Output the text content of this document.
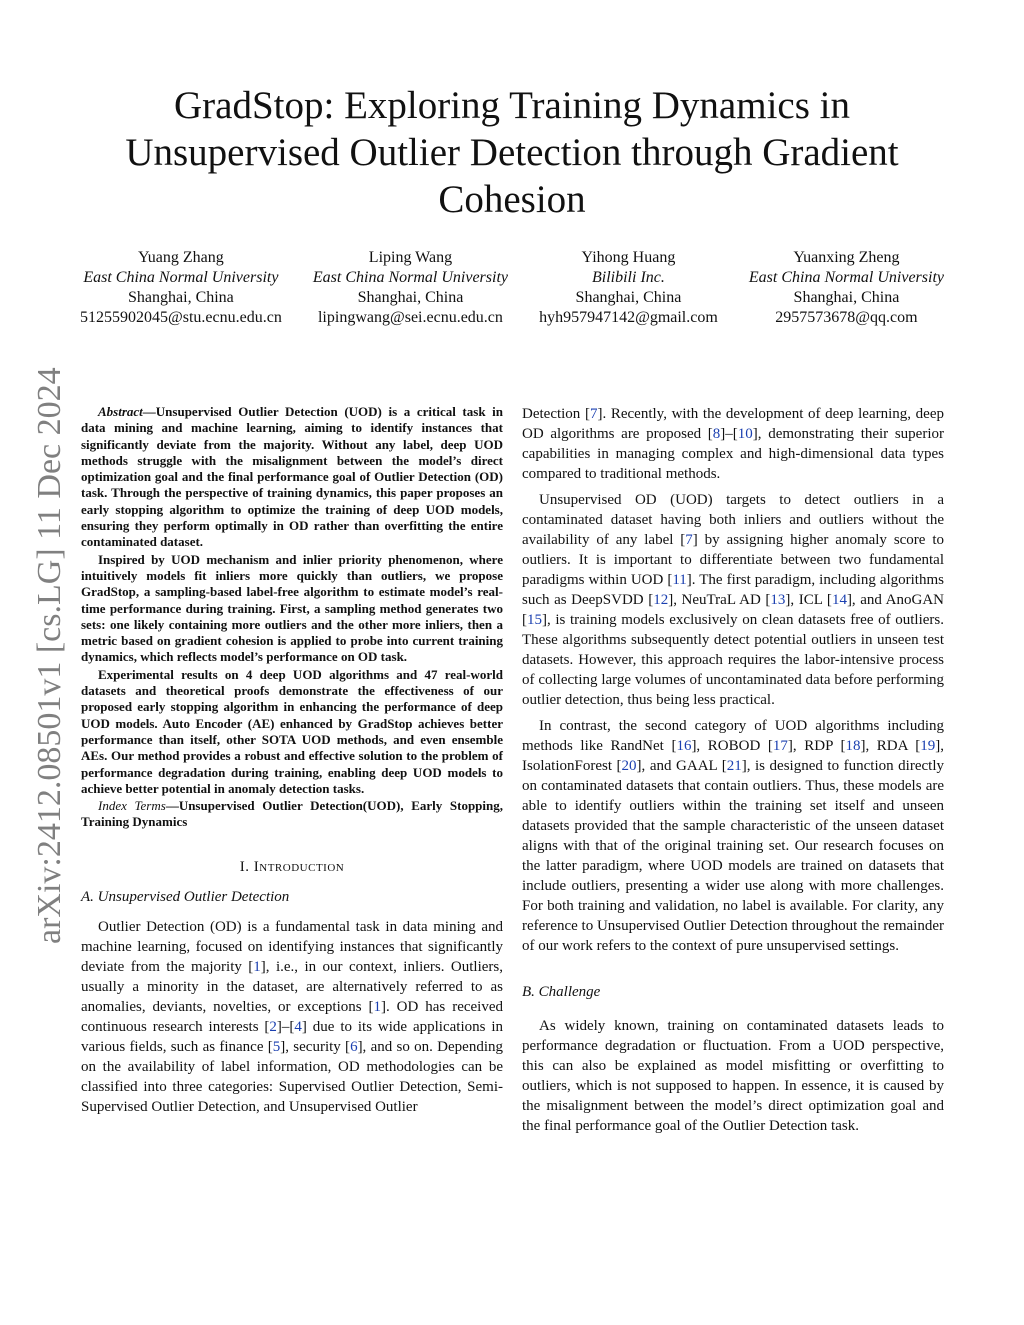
GradStop: Exploring Training Dynamics in Unsupervised Outlier Detection through Gradient Cohesion
Yuang Zhang
East China Normal University
Shanghai, China
51255902045@stu.ecnu.edu.cn
Liping Wang
East China Normal University
Shanghai, China
lipingwang@sei.ecnu.edu.cn
Yihong Huang
Bilibili Inc.
Shanghai, China
hyh957947142@gmail.com
Yuanxing Zheng
East China Normal University
Shanghai, China
2957573678@qq.com
arXiv:2412.08501v1 [cs.LG] 11 Dec 2024	Abstract—Unsupervised Outlier Detection (UOD) is a critical task in data mining and machine learning, aiming to identify instances that significantly deviate from the majority. Without any label, deep UOD methods struggle with the misalignment between the model’s direct optimization goal and the final performance goal of Outlier Detection (OD) task. Through the perspective of training dynamics, this paper proposes an early stopping algorithm to optimize the training of deep UOD models, ensuring they perform optimally in OD rather than overfitting the entire contaminated dataset.

Inspired by UOD mechanism and inlier priority phenomenon, where intuitively models fit inliers more quickly than outliers, we propose GradStop, a sampling-based label-free algorithm to estimate model’s real-time performance during training. First, a sampling method generates two sets: one likely containing more outliers and the other more inliers, then a metric based on gradient cohesion is applied to probe into current training dynamics, which reflects model’s performance on OD task.

Experimental results on 4 deep UOD algorithms and 47 real-world datasets and theoretical proofs demonstrate the effectiveness of our proposed early stopping algorithm in enhancing the performance of deep UOD models. Auto Encoder (AE) enhanced by GradStop achieves better performance than itself, other SOTA UOD methods, and even ensemble AEs. Our method provides a robust and effective solution to the problem of performance degradation during training, enabling deep UOD models to achieve better potential in anomaly detection tasks.

Index Terms—Unsupervised Outlier Detection(UOD), Early Stopping, Training Dynamics

I. Introduction
A. Unsupervised Outlier Detection

Outlier Detection (OD) is a fundamental task in data mining and machine learning, focused on identifying instances that significantly deviate from the majority [1], i.e., in our context, inliers. Outliers, usually a minority in the dataset, are alternatively referred to as anomalies, deviants, novelties, or exceptions [1]. OD has received continuous research interests [2]–[4] due to its wide applications in various fields, such as finance [5], security [6], and so on. Depending on the availability of label information, OD methodologies can be classified into three categories: Supervised Outlier Detection, Semi-Supervised Outlier Detection, and Unsupervised Outlier

Detection [7]. Recently, with the development of deep learning, deep OD algorithms are proposed [8]–[10], demonstrating their superior capabilities in managing complex and high-dimensional data types compared to traditional methods.

Unsupervised OD (UOD) targets to detect outliers in a contaminated dataset having both inliers and outliers without the availability of any label [7] by assigning higher anomaly score to outliers. It is important to differentiate between two fundamental paradigms within UOD [11]. The first paradigm, including algorithms such as DeepSVDD [12], NeuTraL AD [13], ICL [14], and AnoGAN [15], is training models exclusively on clean datasets free of outliers. These algorithms subsequently detect potential outliers in unseen test datasets. However, this approach requires the labor-intensive process of collecting large volumes of uncontaminated data before performing outlier detection, thus being less practical.

In contrast, the second category of UOD algorithms including methods like RandNet [16], ROBOD [17], RDP [18], RDA [19], IsolationForest [20], and GAAL [21], is designed to function directly on contaminated datasets that contain outliers. Thus, these models are able to identify outliers within the training set itself and unseen datasets provided that the sample characteristic of the unseen dataset aligns with that of the original training set. Our research focuses on the latter paradigm, where UOD models are trained on datasets that include outliers, presenting a wider use along with more challenges. For both training and validation, no label is available. For clarity, any reference to Unsupervised Outlier Detection throughout the remainder of our work refers to the context of pure unsupervised settings.

B. Challenge

As widely known, training on contaminated datasets leads to performance degradation or fluctuation. From a UOD perspective, this can also be explained as model misfitting or overfitting to outliers, which is not supposed to happen. In essence, it is caused by the misalignment between the model’s direct optimization goal and the final performance goal of the Outlier Detection task.
